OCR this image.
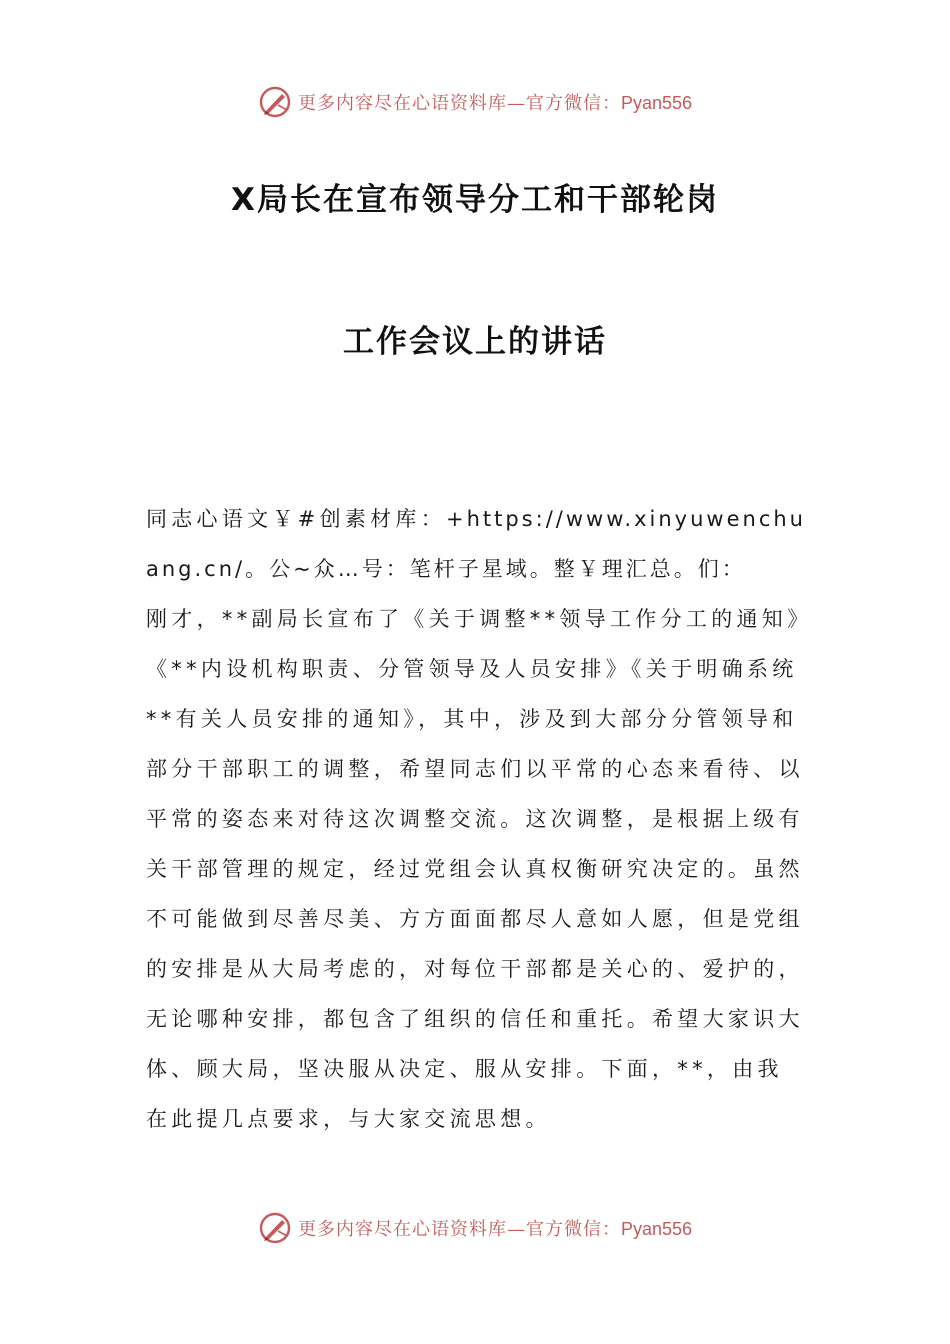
更多内容尽在心语资料库—官方微信：Pyan556
X局长在宣布领导分工和干部轮岗
工作会议上的讲话

同志心语文￥#创素材库：+https://www.xinyuwenchuang.cn/。公~众…号：笔杆子星域。整￥理汇总。们：

刚才，**副局长宣布了《关于调整**领导工作分工的通知》《**内设机构职责、分管领导及人员安排》《关于明确系统**有关人员安排的通知》，其中，涉及到大部分分管领导和部分干部职工的调整，希望同志们以平常的心态来看待、以平常的姿态来对待这次调整交流。这次调整，是根据上级有关干部管理的规定，经过党组会认真权衡研究决定的。虽然不可能做到尽善尽美、方方面面都尽人意如人愿，但是党组的安排是从大局考虑的，对每位干部都是关心的、爱护的，无论哪种安排，都包含了组织的信任和重托。希望大家识大体、顾大局，坚决服从决定、服从安排。下面，**，由我在此提几点要求，与大家交流思想。

更多内容尽在心语资料库—官方微信：Pyan556
